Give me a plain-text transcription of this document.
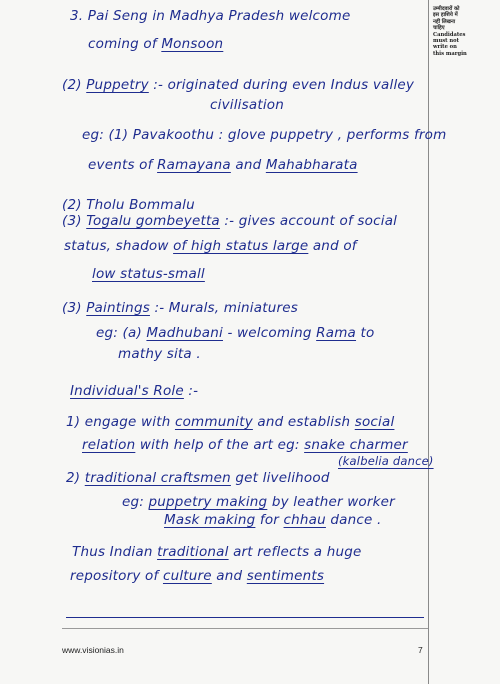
उम्मीदवारों को
इस हाशिये में
नहीं लिखना
चाहिए
Candidates
must not
write on
this margin
3. Pai Seng in Madhya Pradesh welcome
coming of Monsoon
(2) Puppetry :- originated during even Indus valley
civilisation
eg: (1) Pavakoothu : glove puppetry , performs from
events of Ramayana and Mahabharata
(2) Tholu Bommalu
(3) Togalu gombeyetta :- gives account of social
status, shadow of high status large and of
low status-small
(3) Paintings :- Murals, miniatures
eg: (a) Madhubani - welcoming Rama to
mathy sita .
Individual's Role :-
1) engage with community and establish social
relation with help of the art eg: snake charmer
(kalbelia dance)
2) traditional craftsmen get livelihood
eg: puppetry making by leather worker
Mask making for chhau dance .
Thus Indian traditional art reflects a huge
repository of culture and sentiments
www.visionias.in	7
